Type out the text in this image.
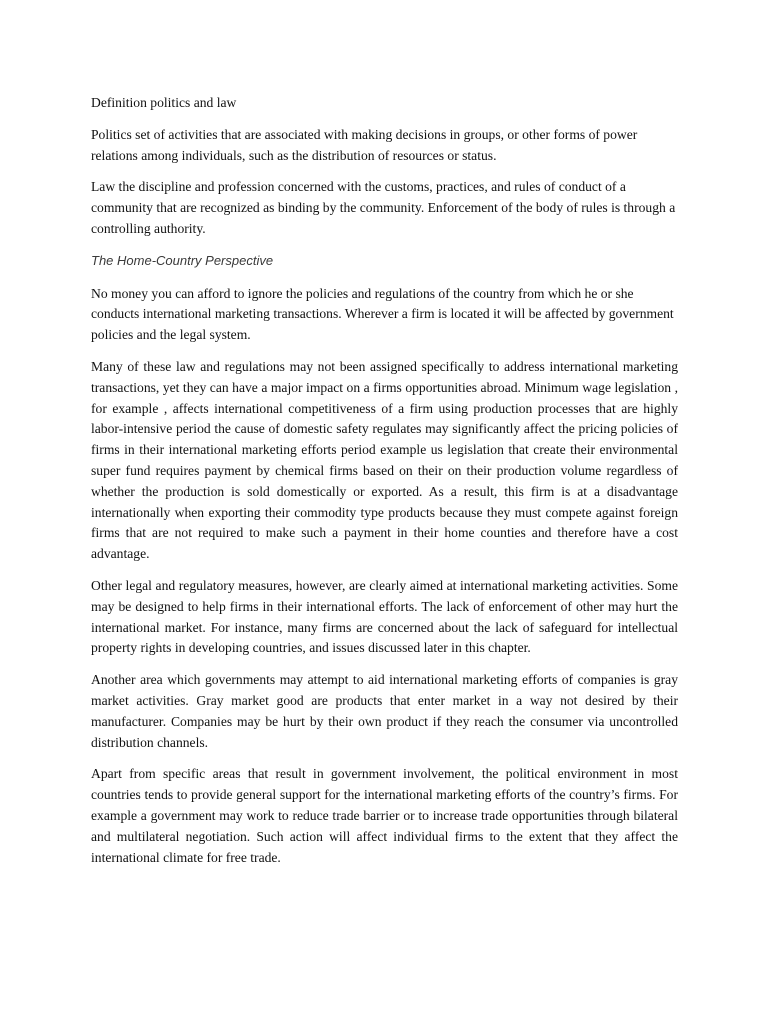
Definition politics and law

Politics set of activities that are associated with making decisions in groups, or other forms of power relations among individuals, such as the distribution of resources or status.

Law the discipline and profession concerned with the customs, practices, and rules of conduct of a community that are recognized as binding by the community. Enforcement of the body of rules is through a controlling authority.

The Home-Country Perspective

No money you can afford to ignore the policies and regulations of the country from which he or she conducts international marketing transactions. Wherever a firm is located it will be affected by government policies and the legal system.

Many of these law and regulations may not been assigned specifically to address international marketing transactions, yet they can have a major impact on a firms opportunities abroad. Minimum wage legislation , for example , affects international competitiveness of a firm using production processes that are highly labor-intensive period the cause of domestic safety regulates may significantly affect the pricing policies of firms in their international marketing efforts period example us legislation that create their environmental super fund requires payment by chemical firms based on their on their production volume regardless of whether the production is sold domestically or exported. As a result, this firm is at a disadvantage internationally when exporting their commodity type products because they must compete against foreign firms that are not required to make such a payment in their home counties and therefore have a cost advantage.

Other legal and regulatory measures, however, are clearly aimed at international marketing activities. Some may be designed to help firms in their international efforts. The lack of enforcement of other may hurt the international market. For instance, many firms are concerned about the lack of safeguard for intellectual property rights in developing countries, and issues discussed later in this chapter.

Another area which governments may attempt to aid international marketing efforts of companies is gray market activities. Gray market good are products that enter market in a way not desired by their manufacturer. Companies may be hurt by their own product if they reach the consumer via uncontrolled distribution channels.

Apart from specific areas that result in government involvement, the political environment in most countries tends to provide general support for the international marketing efforts of the country’s firms. For example a government may work to reduce trade barrier or to increase trade opportunities through bilateral and multilateral negotiation. Such action will affect individual firms to the extent that they affect the international climate for free trade.
